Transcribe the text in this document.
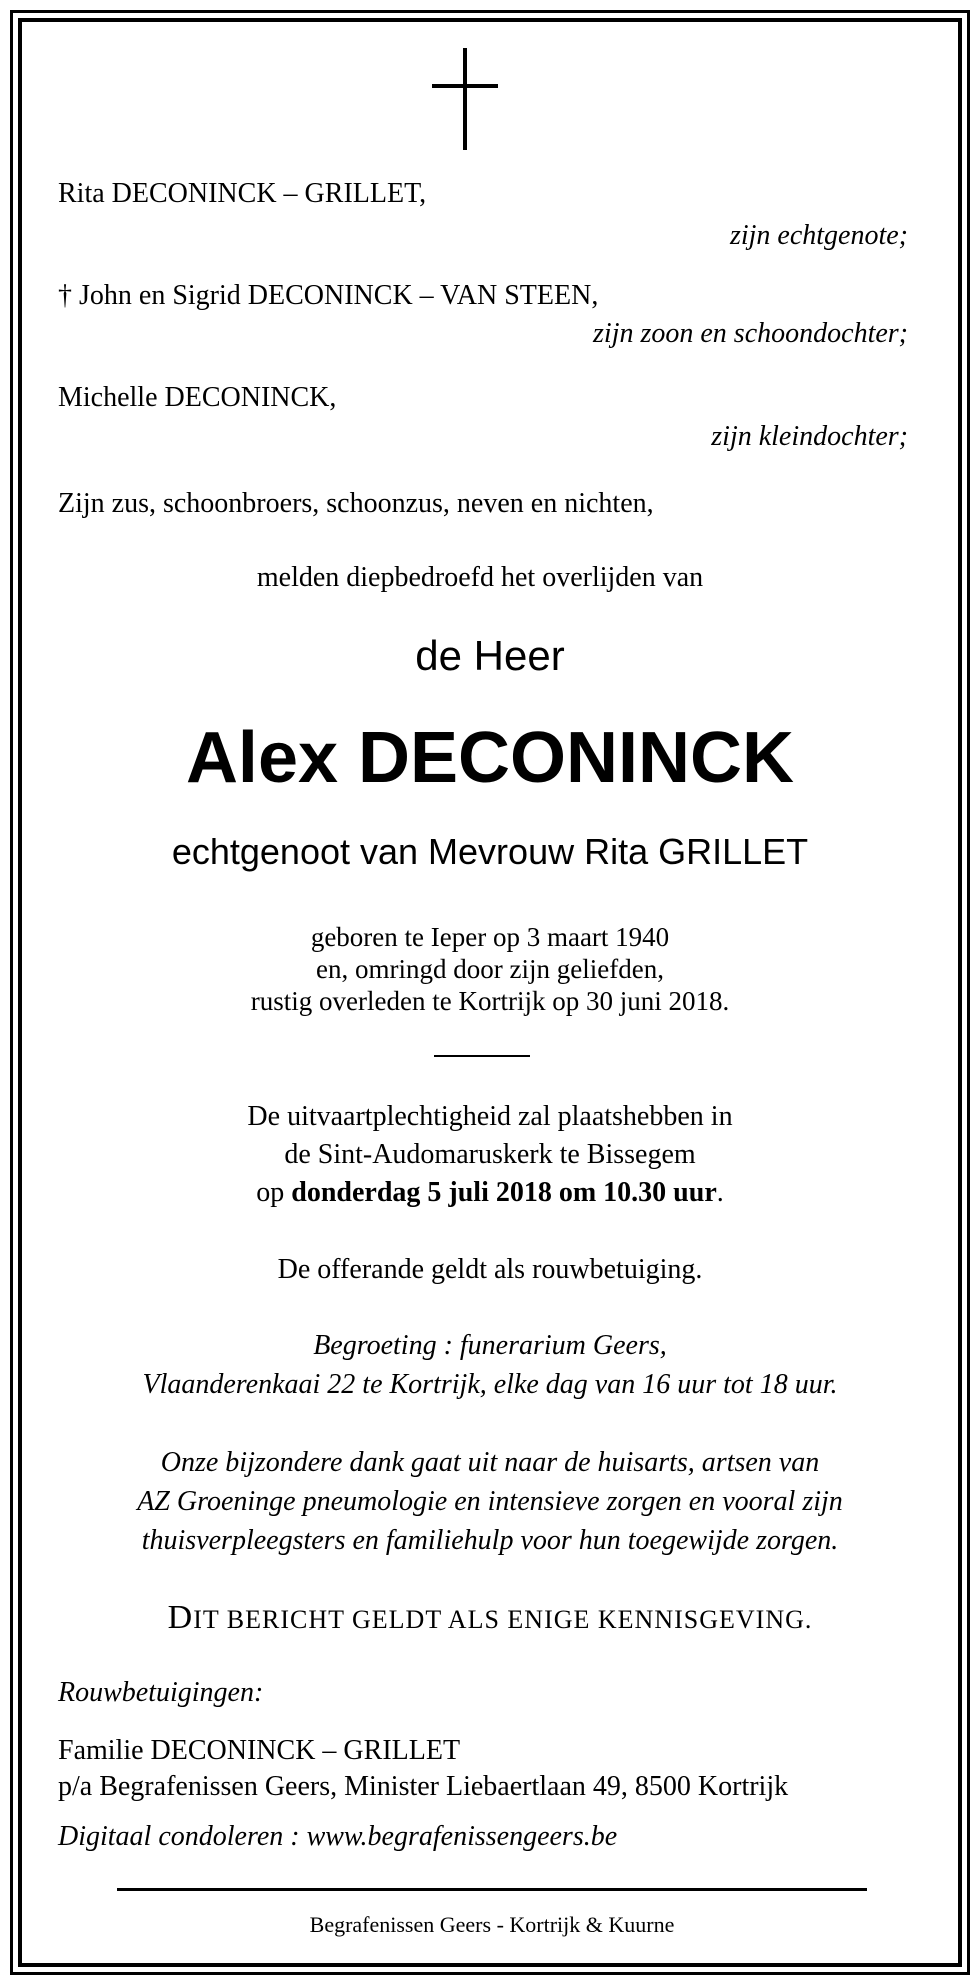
Rita DECONINCK – GRILLET,
zijn echtgenote;
† John en Sigrid DECONINCK – VAN STEEN,
zijn zoon en schoondochter;
Michelle DECONINCK,
zijn kleindochter;
Zijn zus, schoonbroers, schoonzus, neven en nichten,
melden diepbedroefd het overlijden van
de Heer
Alex DECONINCK
echtgenoot van Mevrouw Rita GRILLET
geboren te Ieper op 3 maart 1940
en, omringd door zijn geliefden,
rustig overleden te Kortrijk op 30 juni 2018.
De uitvaartplechtigheid zal plaatshebben in
de Sint-Audomaruskerk te Bissegem
op donderdag 5 juli 2018 om 10.30 uur.
De offerande geldt als rouwbetuiging.
Begroeting : funerarium Geers,
Vlaanderenkaai 22 te Kortrijk, elke dag van 16 uur tot 18 uur.
Onze bijzondere dank gaat uit naar de huisarts, artsen van
AZ Groeninge pneumologie en intensieve zorgen en vooral zijn
thuisverpleegsters en familiehulp voor hun toegewijde zorgen.
DIT BERICHT GELDT ALS ENIGE KENNISGEVING.
Rouwbetuigingen:
Familie DECONINCK – GRILLET
p/a Begrafenissen Geers, Minister Liebaertlaan 49, 8500 Kortrijk
Digitaal condoleren : www.begrafenissengeers.be
Begrafenissen Geers - Kortrijk & Kuurne
